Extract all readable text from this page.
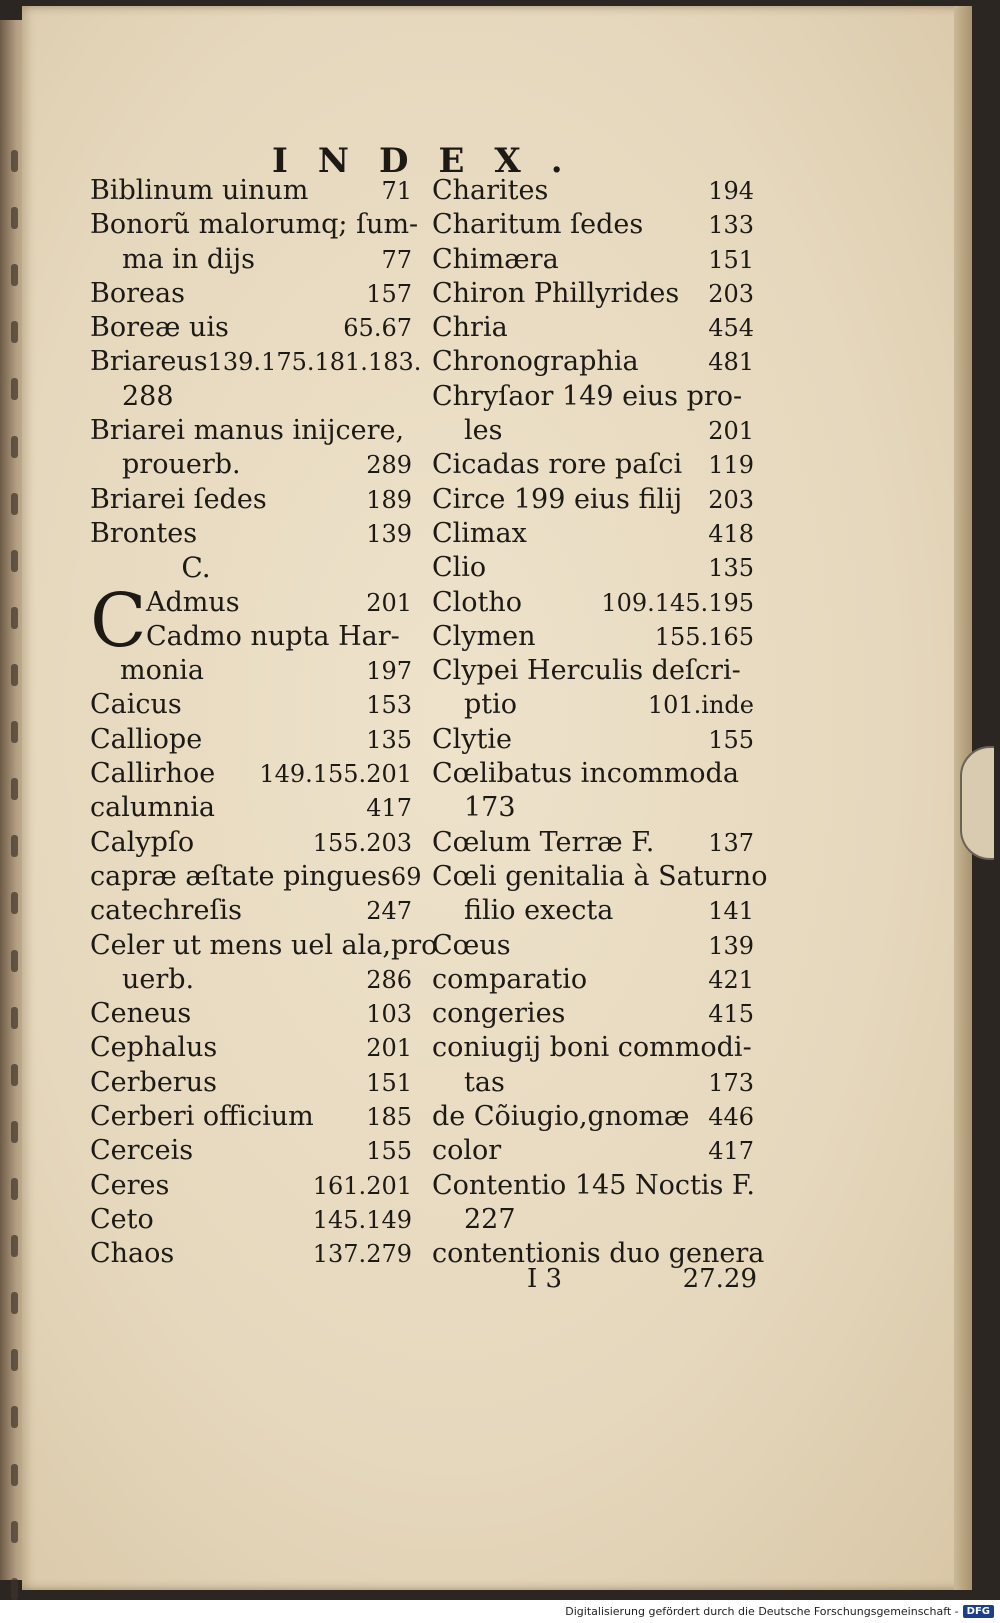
INDEX.
Biblinum uinum	71
Bonorũ malorumq; ſum-
ma in dijs	77
Boreas	157
Boreæ uis	65.67
Briareus 139.175.181.183.
288
Briarei manus inijcere,
prouerb.	289
Briarei ſedes	189
Brontes	139
C.
C Admus	201
Cadmo nupta Har-
monia	197
Caicus	153
Calliope	135
Callirhoe 149.155.201
calumnia	417
Calypſo	155.203
capræ æſtate pingues 69
catechreſis	247
Celer ut mens uel ala,pro
uerb.	286
Ceneus	103
Cephalus	201
Cerberus	151
Cerberi officium 185
Cerceis	155
Ceres	161.201
Ceto	145.149
Chaos	137.279
Charites	194
Charitum ſedes	133
Chimæra	151
Chiron Phillyrides 203
Chria	454
Chronographia	481
Chryſaor 149 eius pro-
les	201
Cicadas rore paſci 119
Circe 199 eius filij 203
Climax	418
Clio	135
Clotho	109.145.195
Clymen	155.165
Clypei Herculis deſcri-
ptio	101.inde
Clytie	155
Cœlibatus incommoda
173
Cœlum Terræ F. 137
Cœli genitalia à Saturno
filio execta	141
Cœus	139
comparatio	421
congeries	415
coniugij boni commodi-
tas	173
de Cõiugio,gnomæ 446
color	417
Contentio 145 Noctis F.
227
contentionis duo genera
I 3	27.29
Digitalisierung gefördert durch die Deutsche Forschungsgemeinschaft - DFG
